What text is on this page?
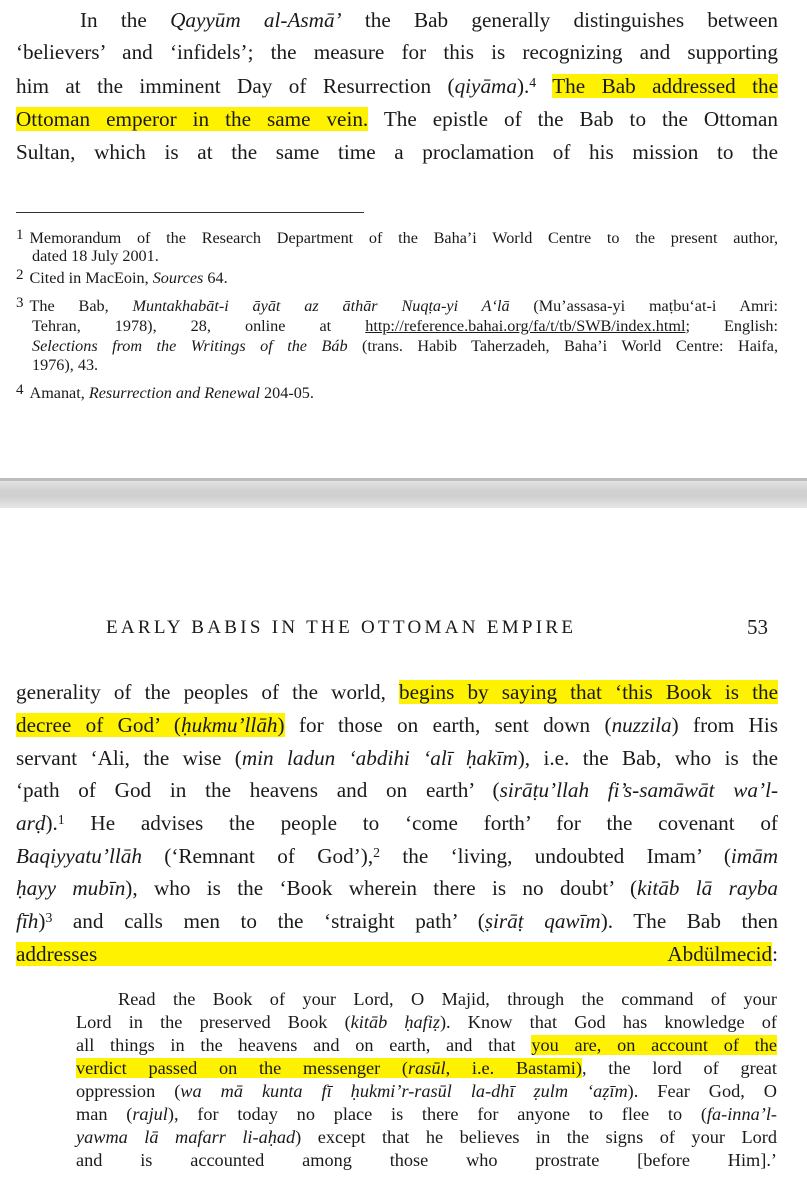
In the Qayyūm al-Asmā’ the Bab generally distinguishes between
‘believers’ and ‘infidels’; the measure for this is recognizing and supporting
him at the imminent Day of Resurrection (qiyāma).$^4$ The Bab addressed the
Ottoman emperor in the same vein. The epistle of the Bab to the Ottoman
Sultan, which is at the same time a proclamation of his mission to the
1 Memorandum of the Research Department of the Baha’i World Centre to the present author,
dated 18 July 2001.
2 Cited in MacEoin, Sources 64.
3 The Bab, Muntakhabāt-i āyāt az āthār Nuqṭa-yi A‘lā (Mu’assasa-yi maṭbu‘at-i Amri:
Tehran, 1978), 28, online at http://reference.bahai.org/fa/t/tb/SWB/index.html; English:
Selections from the Writings of the Báb (trans. Habib Taherzadeh, Baha’i World Centre: Haifa,
1976), 43.
4 Amanat, Resurrection and Renewal 204-05.
EARLY BABIS IN THE OTTOMAN EMPIRE	53
generality of the peoples of the world, begins by saying that ‘this Book is the
decree of God’ (ḥukmu’llāh) for those on earth, sent down (nuzzila) from His
servant ‘Ali, the wise (min ladun ‘abdihi ‘alī ḥakīm), i.e. the Bab, who is the
‘path of God in the heavens and on earth’ (sirāṭu’llah fi’s-samāwāt wa’l-
arḍ).$^1$ He advises the people to ‘come forth’ for the covenant of
Baqiyyatu’llāh (‘Remnant of God’),$^2$ the ‘living, undoubted Imam’ (imām
ḥayy mubīn), who is the ‘Book wherein there is no doubt’ (kitāb lā rayba
fīh)$^3$ and calls men to the ‘straight path’ (ṣirāṭ qawīm). The Bab then
addresses Abdülmecid:
Read the Book of your Lord, O Majid, through the command of your
Lord in the preserved Book (kitāb ḥafiẓ). Know that God has knowledge of
all things in the heavens and on earth, and that you are, on account of the
verdict passed on the messenger (rasūl, i.e. Bastami), the lord of great
oppression (wa mā kunta fī ḥukmi’r-rasūl la-dhī ẓulm ‘aẓīm). Fear God, O
man (rajul), for today no place is there for anyone to flee to (fa-inna’l-
yawma lā mafarr li-aḥad) except that he believes in the signs of your Lord
and is accounted among those who prostrate [before Him].’
